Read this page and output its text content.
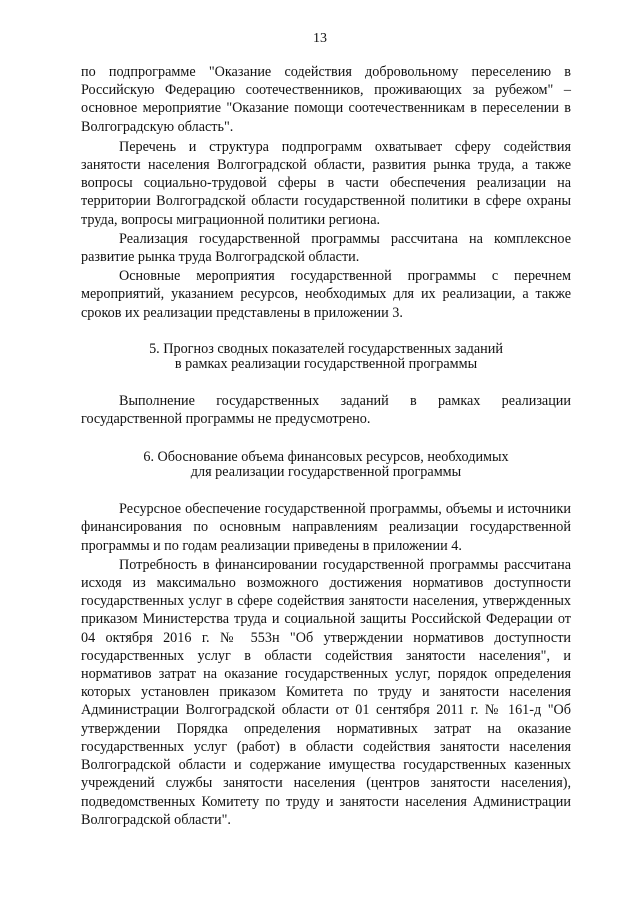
13

по подпрограмме "Оказание содействия добровольному переселению в Российскую Федерацию соотечественников, проживающих за рубежом" – основное мероприятие "Оказание помощи соотечественникам в переселении в Волгоградскую область".

Перечень и структура подпрограмм охватывает сферу содействия занятости населения Волгоградской области, развития рынка труда, а также вопросы социально-трудовой сферы в части обеспечения реализации на территории Волгоградской области государственной политики в сфере охраны труда, вопросы миграционной политики региона.

Реализация государственной программы рассчитана на комплексное развитие рынка труда Волгоградской области.

Основные мероприятия государственной программы с перечнем мероприятий, указанием ресурсов, необходимых для их реализации, а также сроков их реализации представлены в приложении 3.

5. Прогноз сводных показателей государственных заданий

в рамках реализации государственной программы

Выполнение государственных заданий в рамках реализации государственной программы не предусмотрено.

6. Обоснование объема финансовых ресурсов, необходимых

для реализации государственной программы

Ресурсное обеспечение государственной программы, объемы и источники финансирования по основным направлениям реализации государственной программы и по годам реализации приведены в приложении 4.

Потребность в финансировании государственной программы рассчитана исходя из максимально возможного достижения нормативов доступности государственных услуг в сфере содействия занятости населения, утвержденных приказом Министерства труда и социальной защиты Российской Федерации от 04 октября 2016 г. № 553н "Об утверждении нормативов доступности государственных услуг в области содействия занятости населения", и нормативов затрат на оказание государственных услуг, порядок определения которых установлен приказом Комитета по труду и занятости населения Администрации Волгоградской области от 01 сентября 2011 г. № 161-д "Об утверждении Порядка определения нормативных затрат на оказание государственных услуг (работ) в области содействия занятости населения Волгоградской области и содержание имущества государственных казенных учреждений службы занятости населения (центров занятости населения), подведомственных Комитету по труду и занятости населения Администрации Волгоградской области".
